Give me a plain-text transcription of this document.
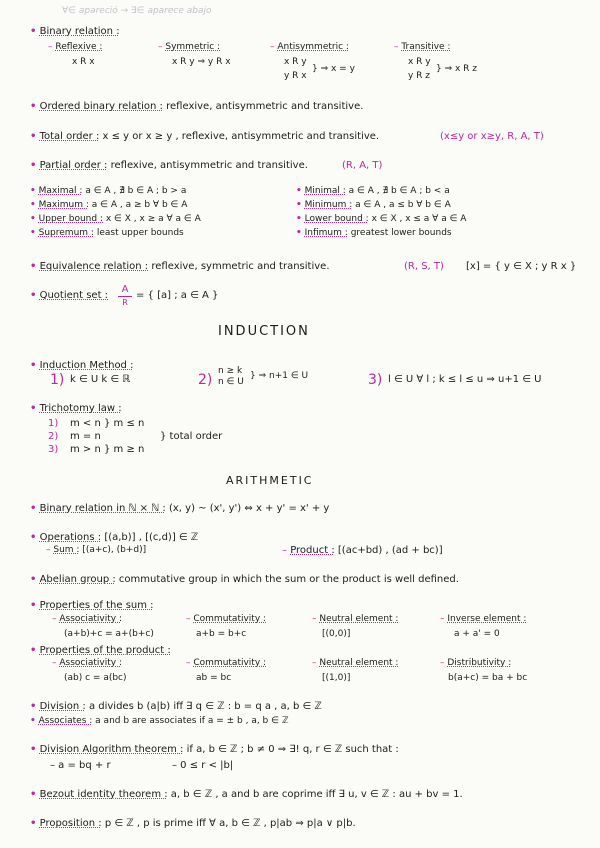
∀∈ apareció → ∃∈ aparece abajo
• Binary relation :
– Reflexive :
x R x
– Symmetric :
x R y ⇒ y R x
– Antisymmetric :
x R y
} ⇒ x = y
y R x
– Transitive :
x R y
} ⇒ x R z
y R z
• Ordered binary relation : reflexive, antisymmetric and transitive.
• Total order : x ≤ y or x ≥ y , reflexive, antisymmetric and transitive.	(x≤y or x≥y, R, A, T)
• Partial order : reflexive, antisymmetric and transitive.	(R, A, T)
• Maximal : a ∈ A , ∄ b ∈ A ; b > a
• Maximum : a ∈ A , a ≥ b ∀ b ∈ A
• Upper bound : x ∈ X , x ≥ a ∀ a ∈ A
• Supremum : least upper bounds
• Minimal : a ∈ A , ∄ b ∈ A ; b < a
• Minimum : a ∈ A , a ≤ b ∀ b ∈ A
• Lower bound : x ∈ X , x ≤ a ∀ a ∈ A
• Infimum : greatest lower bounds
• Equivalence relation : reflexive, symmetric and transitive.	(R, S, T) [x] = { y ∈ X ; y R x }
• Quotient set :
A
R
= { [a] ; a ∈ A }
INDUCTION
• Induction Method :
1) k ∈ U k ∈ ℝ	2)
n ≥ k
n ∈ U
} ⇒ n+1 ∈ U	3) l ∈ U ∀ l ; k ≤ l ≤ u ⇒ u+1 ∈ U
• Trichotomy law :
1) m < n } m ≤ n
2) m = n
3) m > n } m ≥ n
} total order
ARITHMETIC
• Binary relation in ℕ × ℕ : (x, y) ~ (x', y') ⇔ x + y' = x' + y
• Operations : [(a,b)] , [(c,d)] ∈ ℤ
– Sum : [(a+c), (b+d)]	– Product : [(ac+bd) , (ad + bc)]
• Abelian group : commutative group in which the sum or the product is well defined.
• Properties of the sum :
– Associativity :
(a+b)+c = a+(b+c)
– Commutativity :
a+b = b+c
– Neutral element :
[(0,0)]
– Inverse element :
a + a' = 0
• Properties of the product :
– Associativity :
(ab) c = a(bc)
– Commutativity :
ab = bc
– Neutral element :
[(1,0)]
– Distributivity :
b(a+c) = ba + bc
• Division : a divides b (a|b) iff ∃ q ∈ ℤ : b = q a , a, b ∈ ℤ
• Associates : a and b are associates if a = ± b , a, b ∈ ℤ
• Division Algorithm theorem : if a, b ∈ ℤ ; b ≠ 0 ⇒ ∃! q, r ∈ ℤ such that :
– a = bq + r	– 0 ≤ r < |b|
• Bezout identity theorem : a, b ∈ ℤ , a and b are coprime iff ∃ u, v ∈ ℤ : au + bv = 1.
• Proposition : p ∈ ℤ , p is prime iff ∀ a, b ∈ ℤ , p|ab ⇒ p|a ∨ p|b.
